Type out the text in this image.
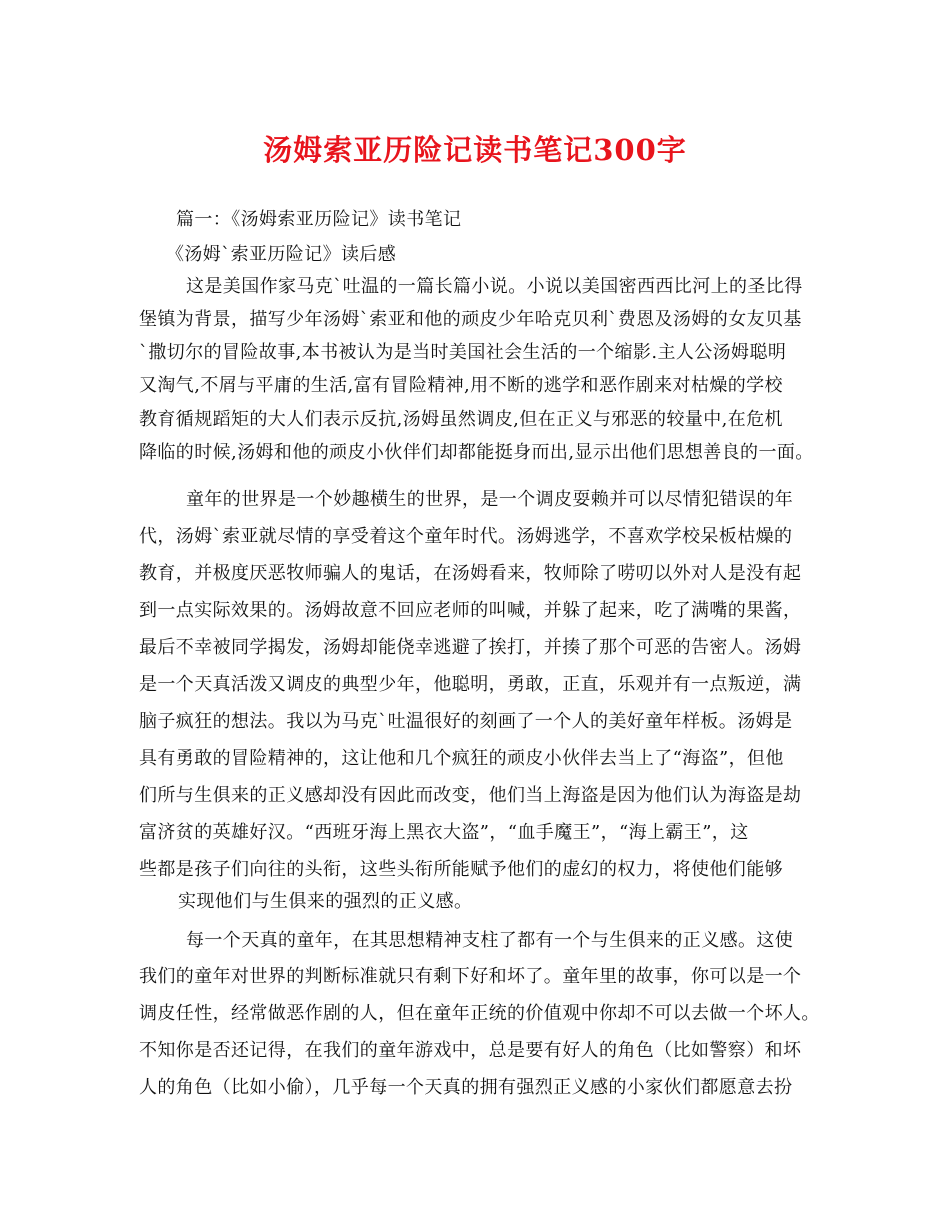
汤姆索亚历险记读书笔记300字
篇一：《汤姆索亚历险记》读书笔记
《汤姆`索亚历险记》读后感
这是美国作家马克`吐温的一篇长篇小说。小说以美国密西西比河上的圣比得
堡镇为背景，描写少年汤姆`索亚和他的顽皮少年哈克贝利`费恩及汤姆的女友贝基
`撒切尔的冒险故事,本书被认为是当时美国社会生活的一个缩影.主人公汤姆聪明
又淘气,不屑与平庸的生活,富有冒险精神,用不断的逃学和恶作剧来对枯燥的学校
教育循规蹈矩的大人们表示反抗,汤姆虽然调皮,但在正义与邪恶的较量中,在危机
降临的时候,汤姆和他的顽皮小伙伴们却都能挺身而出,显示出他们思想善良的一面。
童年的世界是一个妙趣横生的世界，是一个调皮耍赖并可以尽情犯错误的年
代，汤姆`索亚就尽情的享受着这个童年时代。汤姆逃学，不喜欢学校呆板枯燥的
教育，并极度厌恶牧师骗人的鬼话，在汤姆看来，牧师除了唠叨以外对人是没有起
到一点实际效果的。汤姆故意不回应老师的叫喊，并躲了起来，吃了满嘴的果酱，
最后不幸被同学揭发，汤姆却能侥幸逃避了挨打，并揍了那个可恶的告密人。汤姆
是一个天真活泼又调皮的典型少年，他聪明，勇敢，正直，乐观并有一点叛逆，满
脑子疯狂的想法。我以为马克`吐温很好的刻画了一个人的美好童年样板。汤姆是
具有勇敢的冒险精神的，这让他和几个疯狂的顽皮小伙伴去当上了“海盗”，但他
们所与生俱来的正义感却没有因此而改变，他们当上海盗是因为他们认为海盗是劫
富济贫的英雄好汉。“西班牙海上黑衣大盗”，“血手魔王”，“海上霸王”，这
些都是孩子们向往的头衔，这些头衔所能赋予他们的虚幻的权力，将使他们能够
实现他们与生俱来的强烈的正义感。
每一个天真的童年，在其思想精神支柱了都有一个与生俱来的正义感。这使
我们的童年对世界的判断标准就只有剩下好和坏了。童年里的故事，你可以是一个
调皮任性，经常做恶作剧的人，但在童年正统的价值观中你却不可以去做一个坏人。
不知你是否还记得，在我们的童年游戏中，总是要有好人的角色（比如警察）和坏
人的角色（比如小偷），几乎每一个天真的拥有强烈正义感的小家伙们都愿意去扮
